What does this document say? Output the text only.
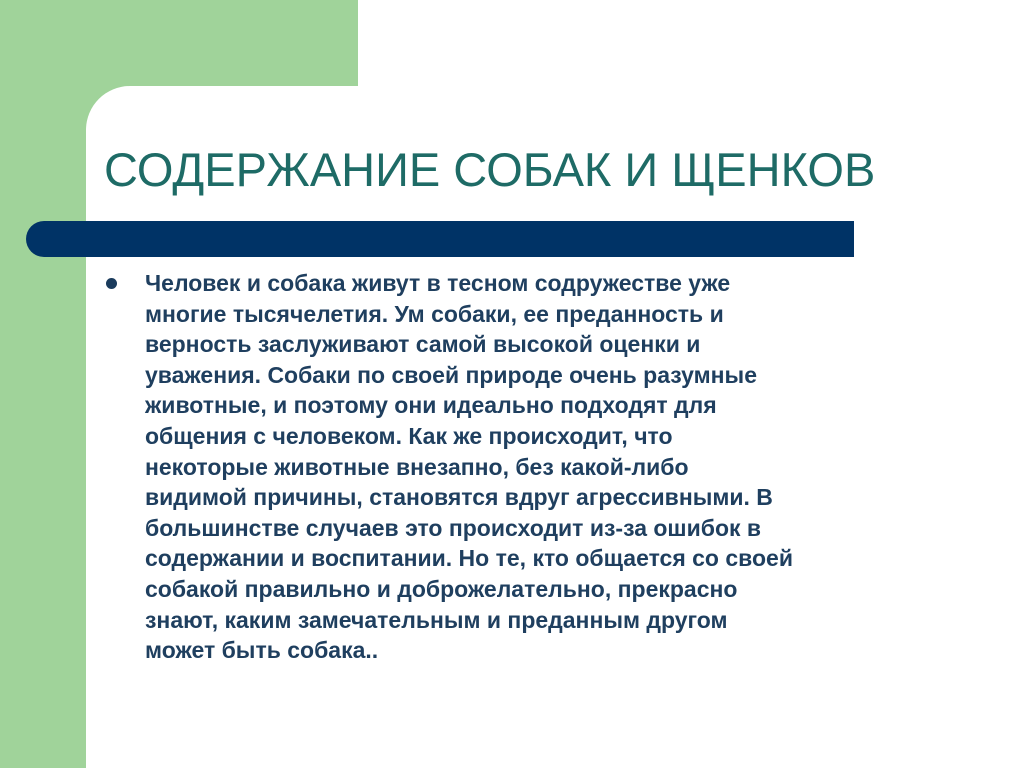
СОДЕРЖАНИЕ СОБАК И ЩЕНКОВ

Человек и собака живут в тесном содружестве уже
многие тысячелетия. Ум собаки, ее преданность и
верность заслуживают самой высокой оценки и
уважения. Собаки по своей природе очень разумные
животные, и поэтому они идеально подходят для
общения с человеком. Как же происходит, что
некоторые животные внезапно, без какой-либо
видимой причины, становятся вдруг агрессивными. В
большинстве случаев это происходит из-за ошибок в
содержании и воспитании. Но те, кто общается со своей
собакой правильно и доброжелательно, прекрасно
знают, каким замечательным и преданным другом
может быть собака..
